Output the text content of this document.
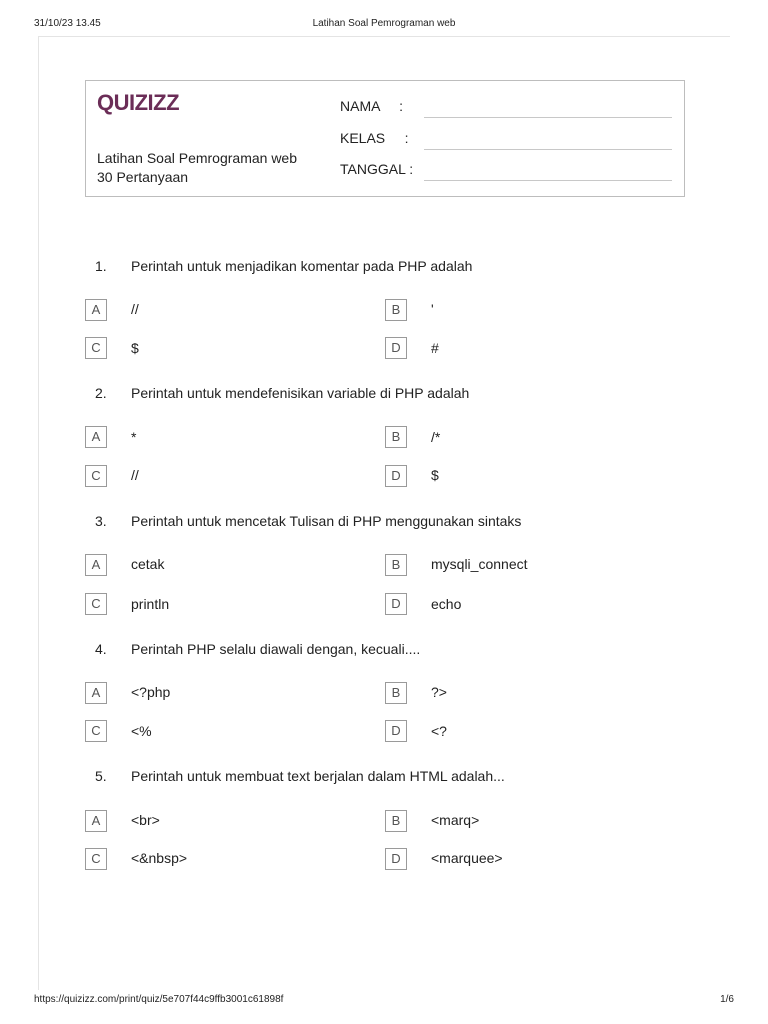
31/10/23 13.45	Latihan Soal Pemrograman web
QUIZIZZ
Latihan Soal Pemrograman web
30 Pertanyaan
NAMA     :
KELAS     :
TANGGAL :
1. Perintah untuk menjadikan komentar pada PHP adalah
A	//	B	'
C	$	D	#
2. Perintah untuk mendefenisikan variable di PHP adalah
A	*	B	/*
C	//	D	$
3. Perintah untuk mencetak Tulisan di PHP menggunakan sintaks
A	cetak	B	mysqli_connect
C	println	D	echo
4. Perintah PHP selalu diawali dengan, kecuali....
A	<?php	B	?>
C	<%	D	<?
5. Perintah untuk membuat text berjalan dalam HTML adalah...
A	<br>	B	<marq>
C	<&nbsp>	D	<marquee>
https://quizizz.com/print/quiz/5e707f44c9ffb3001c61898f	1/6
